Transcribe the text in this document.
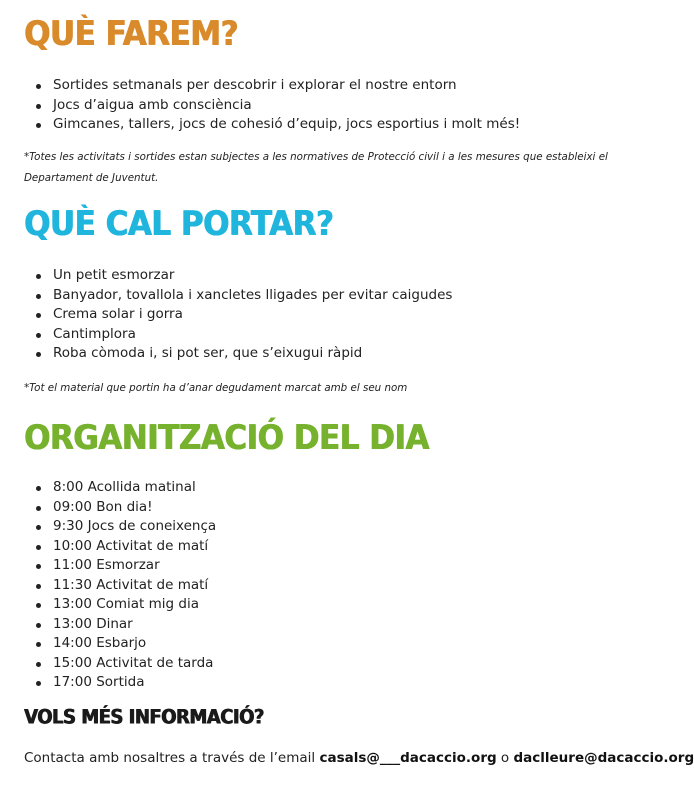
QUÈ FAREM?
Sortides setmanals per descobrir i explorar el nostre entorn
Jocs d’aigua amb consciència
Gimcanes, tallers, jocs de cohesió d’equip, jocs esportius i molt més!

*Totes les activitats i sortides estan subjectes a les normatives de Protecció civil i a les mesures que estableixi el Departament de Juventut.

QUÈ CAL PORTAR?
Un petit esmorzar
Banyador, tovallola i xancletes lligades per evitar caigudes
Crema solar i gorra
Cantimplora
Roba còmoda i, si pot ser, que s’eixugui ràpid

*Tot el material que portin ha d’anar degudament marcat amb el seu nom

ORGANITZACIÓ DEL DIA
8:00 Acollida matinal
09:00 Bon dia!
9:30 Jocs de coneixença
10:00 Activitat de matí
11:00 Esmorzar
11:30 Activitat de matí
13:00 Comiat mig dia
13:00 Dinar
14:00 Esbarjo
15:00 Activitat de tarda
17:00 Sortida
VOLS MÉS INFORMACIÓ?

Contacta amb nosaltres a través de l’email casals@___dacaccio.org o daclleure@dacaccio.org
